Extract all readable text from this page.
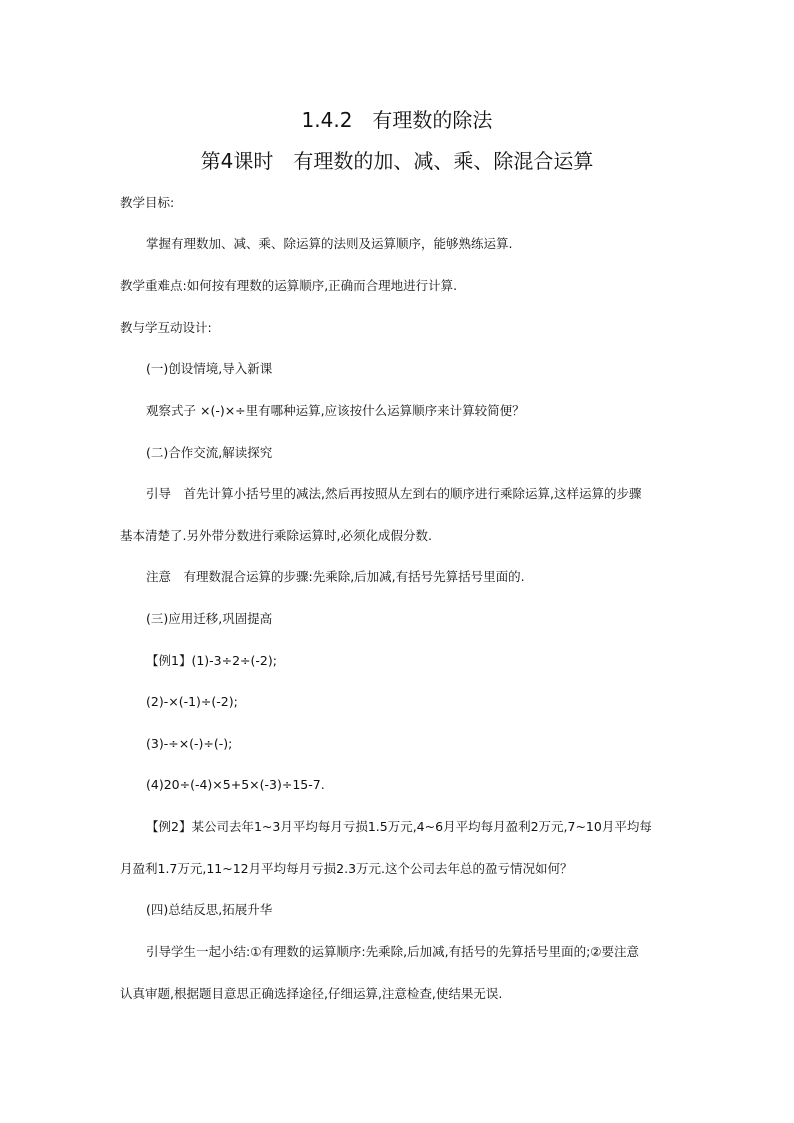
1.4.2　有理数的除法
第4课时　有理数的加、减、乘、除混合运算
教学目标:
掌握有理数加、减、乘、除运算的法则及运算顺序，能够熟练运算.
教学重难点:如何按有理数的运算顺序,正确而合理地进行计算.
教与学互动设计:
(一)创设情境,导入新课
观察式子 ×(-)×÷里有哪种运算,应该按什么运算顺序来计算较简便？
(二)合作交流,解读探究
引导　首先计算小括号里的减法,然后再按照从左到右的顺序进行乘除运算,这样运算的步骤
基本清楚了.另外带分数进行乘除运算时,必须化成假分数.
注意　有理数混合运算的步骤:先乘除,后加减,有括号先算括号里面的.
(三)应用迁移,巩固提高
【例1】(1)-3÷2÷(-2);
(2)-×(-1)÷(-2);
(3)-÷×(-)÷(-);
(4)20÷(-4)×5+5×(-3)÷15-7.
【例2】某公司去年1~3月平均每月亏损1.5万元,4~6月平均每月盈利2万元,7~10月平均每
月盈利1.7万元,11~12月平均每月亏损2.3万元.这个公司去年总的盈亏情况如何？
(四)总结反思,拓展升华
引导学生一起小结:①有理数的运算顺序:先乘除,后加减,有括号的先算括号里面的;②要注意
认真审题,根据题目意思正确选择途径,仔细运算,注意检查,使结果无误.
